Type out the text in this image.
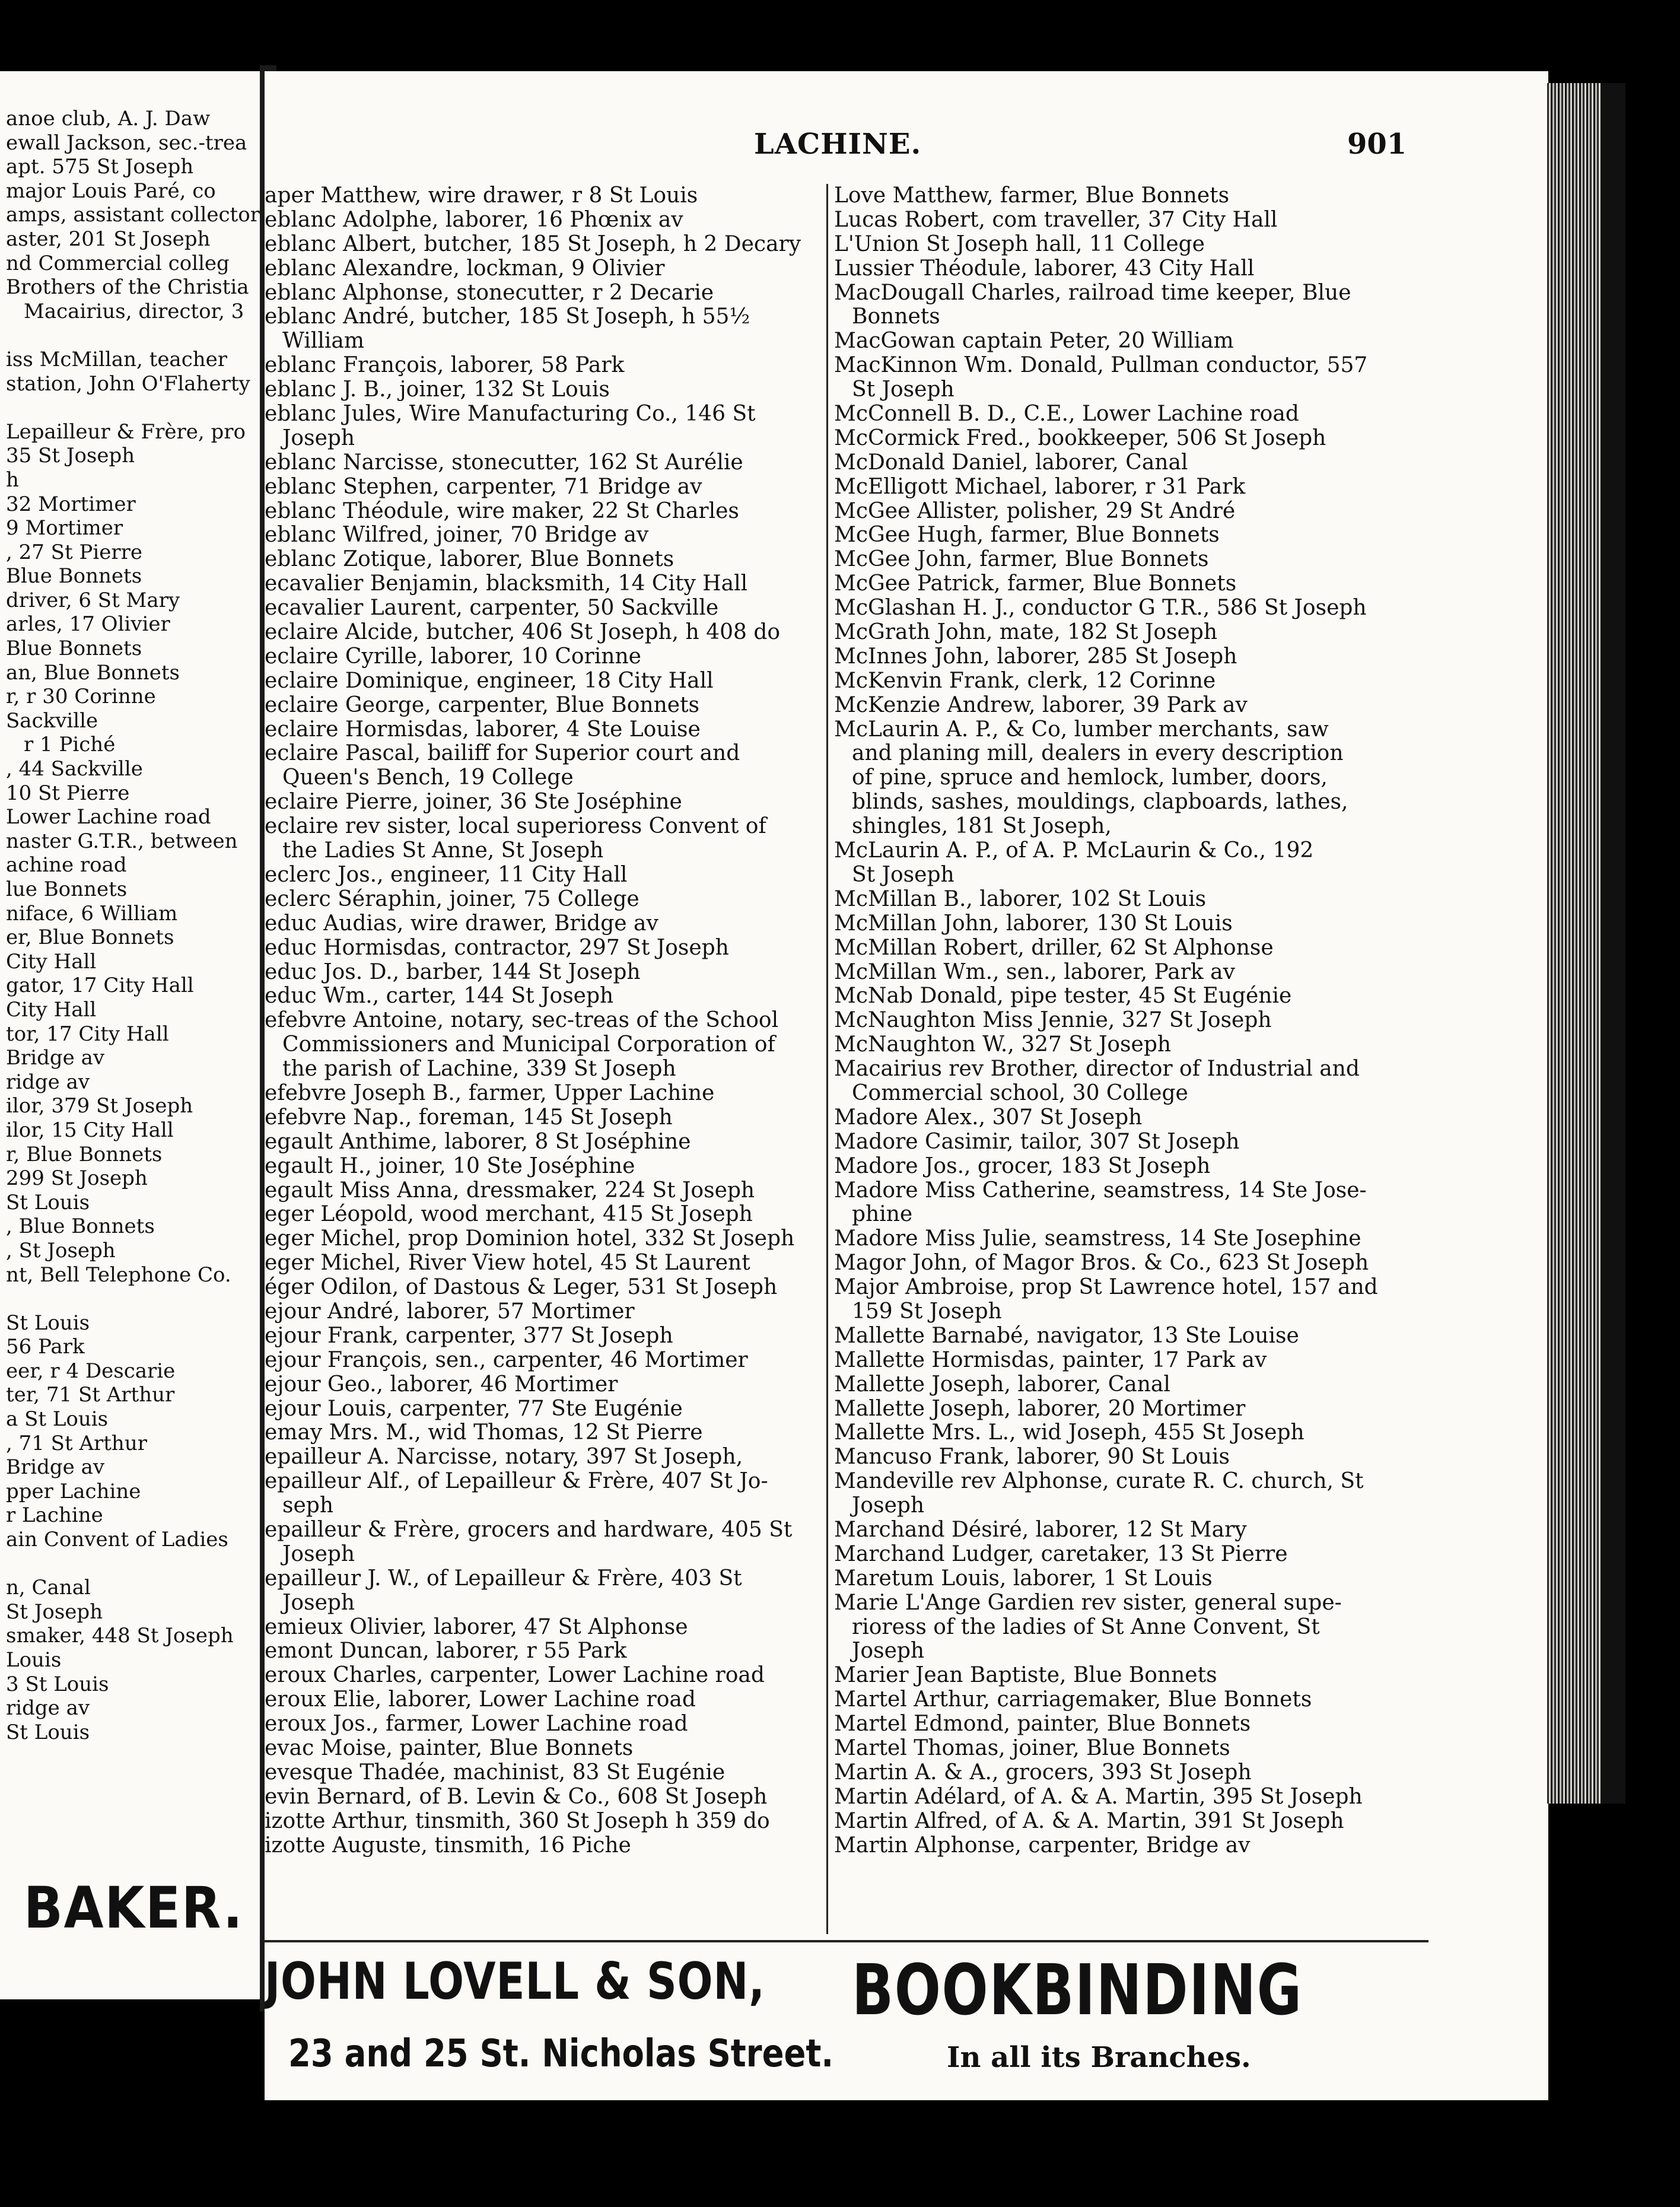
anoe club, A. J. Daw
ewall Jackson, sec.-trea
apt. 575 St Joseph
major Louis Paré, co
amps, assistant collector
aster, 201 St Joseph
nd Commercial colleg
Brothers of the Christia
Macairius, director, 3
iss McMillan, teacher
station, John O'Flaherty
Lepailleur & Frère, pro
35 St Joseph
h
32 Mortimer
9 Mortimer
, 27 St Pierre
Blue Bonnets
driver, 6 St Mary
arles, 17 Olivier
Blue Bonnets
an, Blue Bonnets
r, r 30 Corinne
Sackville
r 1 Piché
, 44 Sackville
10 St Pierre
Lower Lachine road
naster G.T.R., between
achine road
lue Bonnets
niface, 6 William
er, Blue Bonnets
City Hall
gator, 17 City Hall
City Hall
tor, 17 City Hall
Bridge av
ridge av
ilor, 379 St Joseph
ilor, 15 City Hall
r, Blue Bonnets
299 St Joseph
St Louis
, Blue Bonnets
, St Joseph
nt, Bell Telephone Co.
St Louis
56 Park
eer, r 4 Descarie
ter, 71 St Arthur
a St Louis
, 71 St Arthur
Bridge av
pper Lachine
r Lachine
ain Convent of Ladies
n, Canal
St Joseph
smaker, 448 St Joseph
Louis
3 St Louis
ridge av
St Louis
BAKER.
LACHINE.	901
aper Matthew, wire drawer, r 8 St Louis
eblanc Adolphe, laborer, 16 Phœnix av
eblanc Albert, butcher, 185 St Joseph, h 2 Decary
eblanc Alexandre, lockman, 9 Olivier
eblanc Alphonse, stonecutter, r 2 Decarie
eblanc André, butcher, 185 St Joseph, h 55½
William
eblanc François, laborer, 58 Park
eblanc J. B., joiner, 132 St Louis
eblanc Jules, Wire Manufacturing Co., 146 St
Joseph
eblanc Narcisse, stonecutter, 162 St Aurélie
eblanc Stephen, carpenter, 71 Bridge av
eblanc Théodule, wire maker, 22 St Charles
eblanc Wilfred, joiner, 70 Bridge av
eblanc Zotique, laborer, Blue Bonnets
ecavalier Benjamin, blacksmith, 14 City Hall
ecavalier Laurent, carpenter, 50 Sackville
eclaire Alcide, butcher, 406 St Joseph, h 408 do
eclaire Cyrille, laborer, 10 Corinne
eclaire Dominique, engineer, 18 City Hall
eclaire George, carpenter, Blue Bonnets
eclaire Hormisdas, laborer, 4 Ste Louise
eclaire Pascal, bailiff for Superior court and
Queen's Bench, 19 College
eclaire Pierre, joiner, 36 Ste Joséphine
eclaire rev sister, local superioress Convent of
the Ladies St Anne, St Joseph
eclerc Jos., engineer, 11 City Hall
eclerc Séraphin, joiner, 75 College
educ Audias, wire drawer, Bridge av
educ Hormisdas, contractor, 297 St Joseph
educ Jos. D., barber, 144 St Joseph
educ Wm., carter, 144 St Joseph
efebvre Antoine, notary, sec-treas of the School
Commissioners and Municipal Corporation of
the parish of Lachine, 339 St Joseph
efebvre Joseph B., farmer, Upper Lachine
efebvre Nap., foreman, 145 St Joseph
egault Anthime, laborer, 8 St Joséphine
egault H., joiner, 10 Ste Joséphine
egault Miss Anna, dressmaker, 224 St Joseph
eger Léopold, wood merchant, 415 St Joseph
eger Michel, prop Dominion hotel, 332 St Joseph
eger Michel, River View hotel, 45 St Laurent
éger Odilon, of Dastous & Leger, 531 St Joseph
ejour André, laborer, 57 Mortimer
ejour Frank, carpenter, 377 St Joseph
ejour François, sen., carpenter, 46 Mortimer
ejour Geo., laborer, 46 Mortimer
ejour Louis, carpenter, 77 Ste Eugénie
emay Mrs. M., wid Thomas, 12 St Pierre
epailleur A. Narcisse, notary, 397 St Joseph,
epailleur Alf., of Lepailleur & Frère, 407 St Jo-
seph
epailleur & Frère, grocers and hardware, 405 St
Joseph
epailleur J. W., of Lepailleur & Frère, 403 St
Joseph
emieux Olivier, laborer, 47 St Alphonse
emont Duncan, laborer, r 55 Park
eroux Charles, carpenter, Lower Lachine road
eroux Elie, laborer, Lower Lachine road
eroux Jos., farmer, Lower Lachine road
evac Moise, painter, Blue Bonnets
evesque Thadée, machinist, 83 St Eugénie
evin Bernard, of B. Levin & Co., 608 St Joseph
izotte Arthur, tinsmith, 360 St Joseph h 359 do
izotte Auguste, tinsmith, 16 Piche
Love Matthew, farmer, Blue Bonnets
Lucas Robert, com traveller, 37 City Hall
L'Union St Joseph hall, 11 College
Lussier Théodule, laborer, 43 City Hall
MacDougall Charles, railroad time keeper, Blue
Bonnets
MacGowan captain Peter, 20 William
MacKinnon Wm. Donald, Pullman conductor, 557
St Joseph
McConnell B. D., C.E., Lower Lachine road
McCormick Fred., bookkeeper, 506 St Joseph
McDonald Daniel, laborer, Canal
McElligott Michael, laborer, r 31 Park
McGee Allister, polisher, 29 St André
McGee Hugh, farmer, Blue Bonnets
McGee John, farmer, Blue Bonnets
McGee Patrick, farmer, Blue Bonnets
McGlashan H. J., conductor G T.R., 586 St Joseph
McGrath John, mate, 182 St Joseph
McInnes John, laborer, 285 St Joseph
McKenvin Frank, clerk, 12 Corinne
McKenzie Andrew, laborer, 39 Park av
McLaurin A. P., & Co, lumber merchants, saw
and planing mill, dealers in every description
of pine, spruce and hemlock, lumber, doors,
blinds, sashes, mouldings, clapboards, lathes,
shingles, 181 St Joseph,
McLaurin A. P., of A. P. McLaurin & Co., 192
St Joseph
McMillan B., laborer, 102 St Louis
McMillan John, laborer, 130 St Louis
McMillan Robert, driller, 62 St Alphonse
McMillan Wm., sen., laborer, Park av
McNab Donald, pipe tester, 45 St Eugénie
McNaughton Miss Jennie, 327 St Joseph
McNaughton W., 327 St Joseph
Macairius rev Brother, director of Industrial and
Commercial school, 30 College
Madore Alex., 307 St Joseph
Madore Casimir, tailor, 307 St Joseph
Madore Jos., grocer, 183 St Joseph
Madore Miss Catherine, seamstress, 14 Ste Jose-
phine
Madore Miss Julie, seamstress, 14 Ste Josephine
Magor John, of Magor Bros. & Co., 623 St Joseph
Major Ambroise, prop St Lawrence hotel, 157 and
159 St Joseph
Mallette Barnabé, navigator, 13 Ste Louise
Mallette Hormisdas, painter, 17 Park av
Mallette Joseph, laborer, Canal
Mallette Joseph, laborer, 20 Mortimer
Mallette Mrs. L., wid Joseph, 455 St Joseph
Mancuso Frank, laborer, 90 St Louis
Mandeville rev Alphonse, curate R. C. church, St
Joseph
Marchand Désiré, laborer, 12 St Mary
Marchand Ludger, caretaker, 13 St Pierre
Maretum Louis, laborer, 1 St Louis
Marie L'Ange Gardien rev sister, general supe-
rioress of the ladies of St Anne Convent, St
Joseph
Marier Jean Baptiste, Blue Bonnets
Martel Arthur, carriagemaker, Blue Bonnets
Martel Edmond, painter, Blue Bonnets
Martel Thomas, joiner, Blue Bonnets
Martin A. & A., grocers, 393 St Joseph
Martin Adélard, of A. & A. Martin, 395 St Joseph
Martin Alfred, of A. & A. Martin, 391 St Joseph
Martin Alphonse, carpenter, Bridge av
JOHN LOVELL & SON,
23 and 25 St. Nicholas Street.
BOOKBINDING
In all its Branches.
